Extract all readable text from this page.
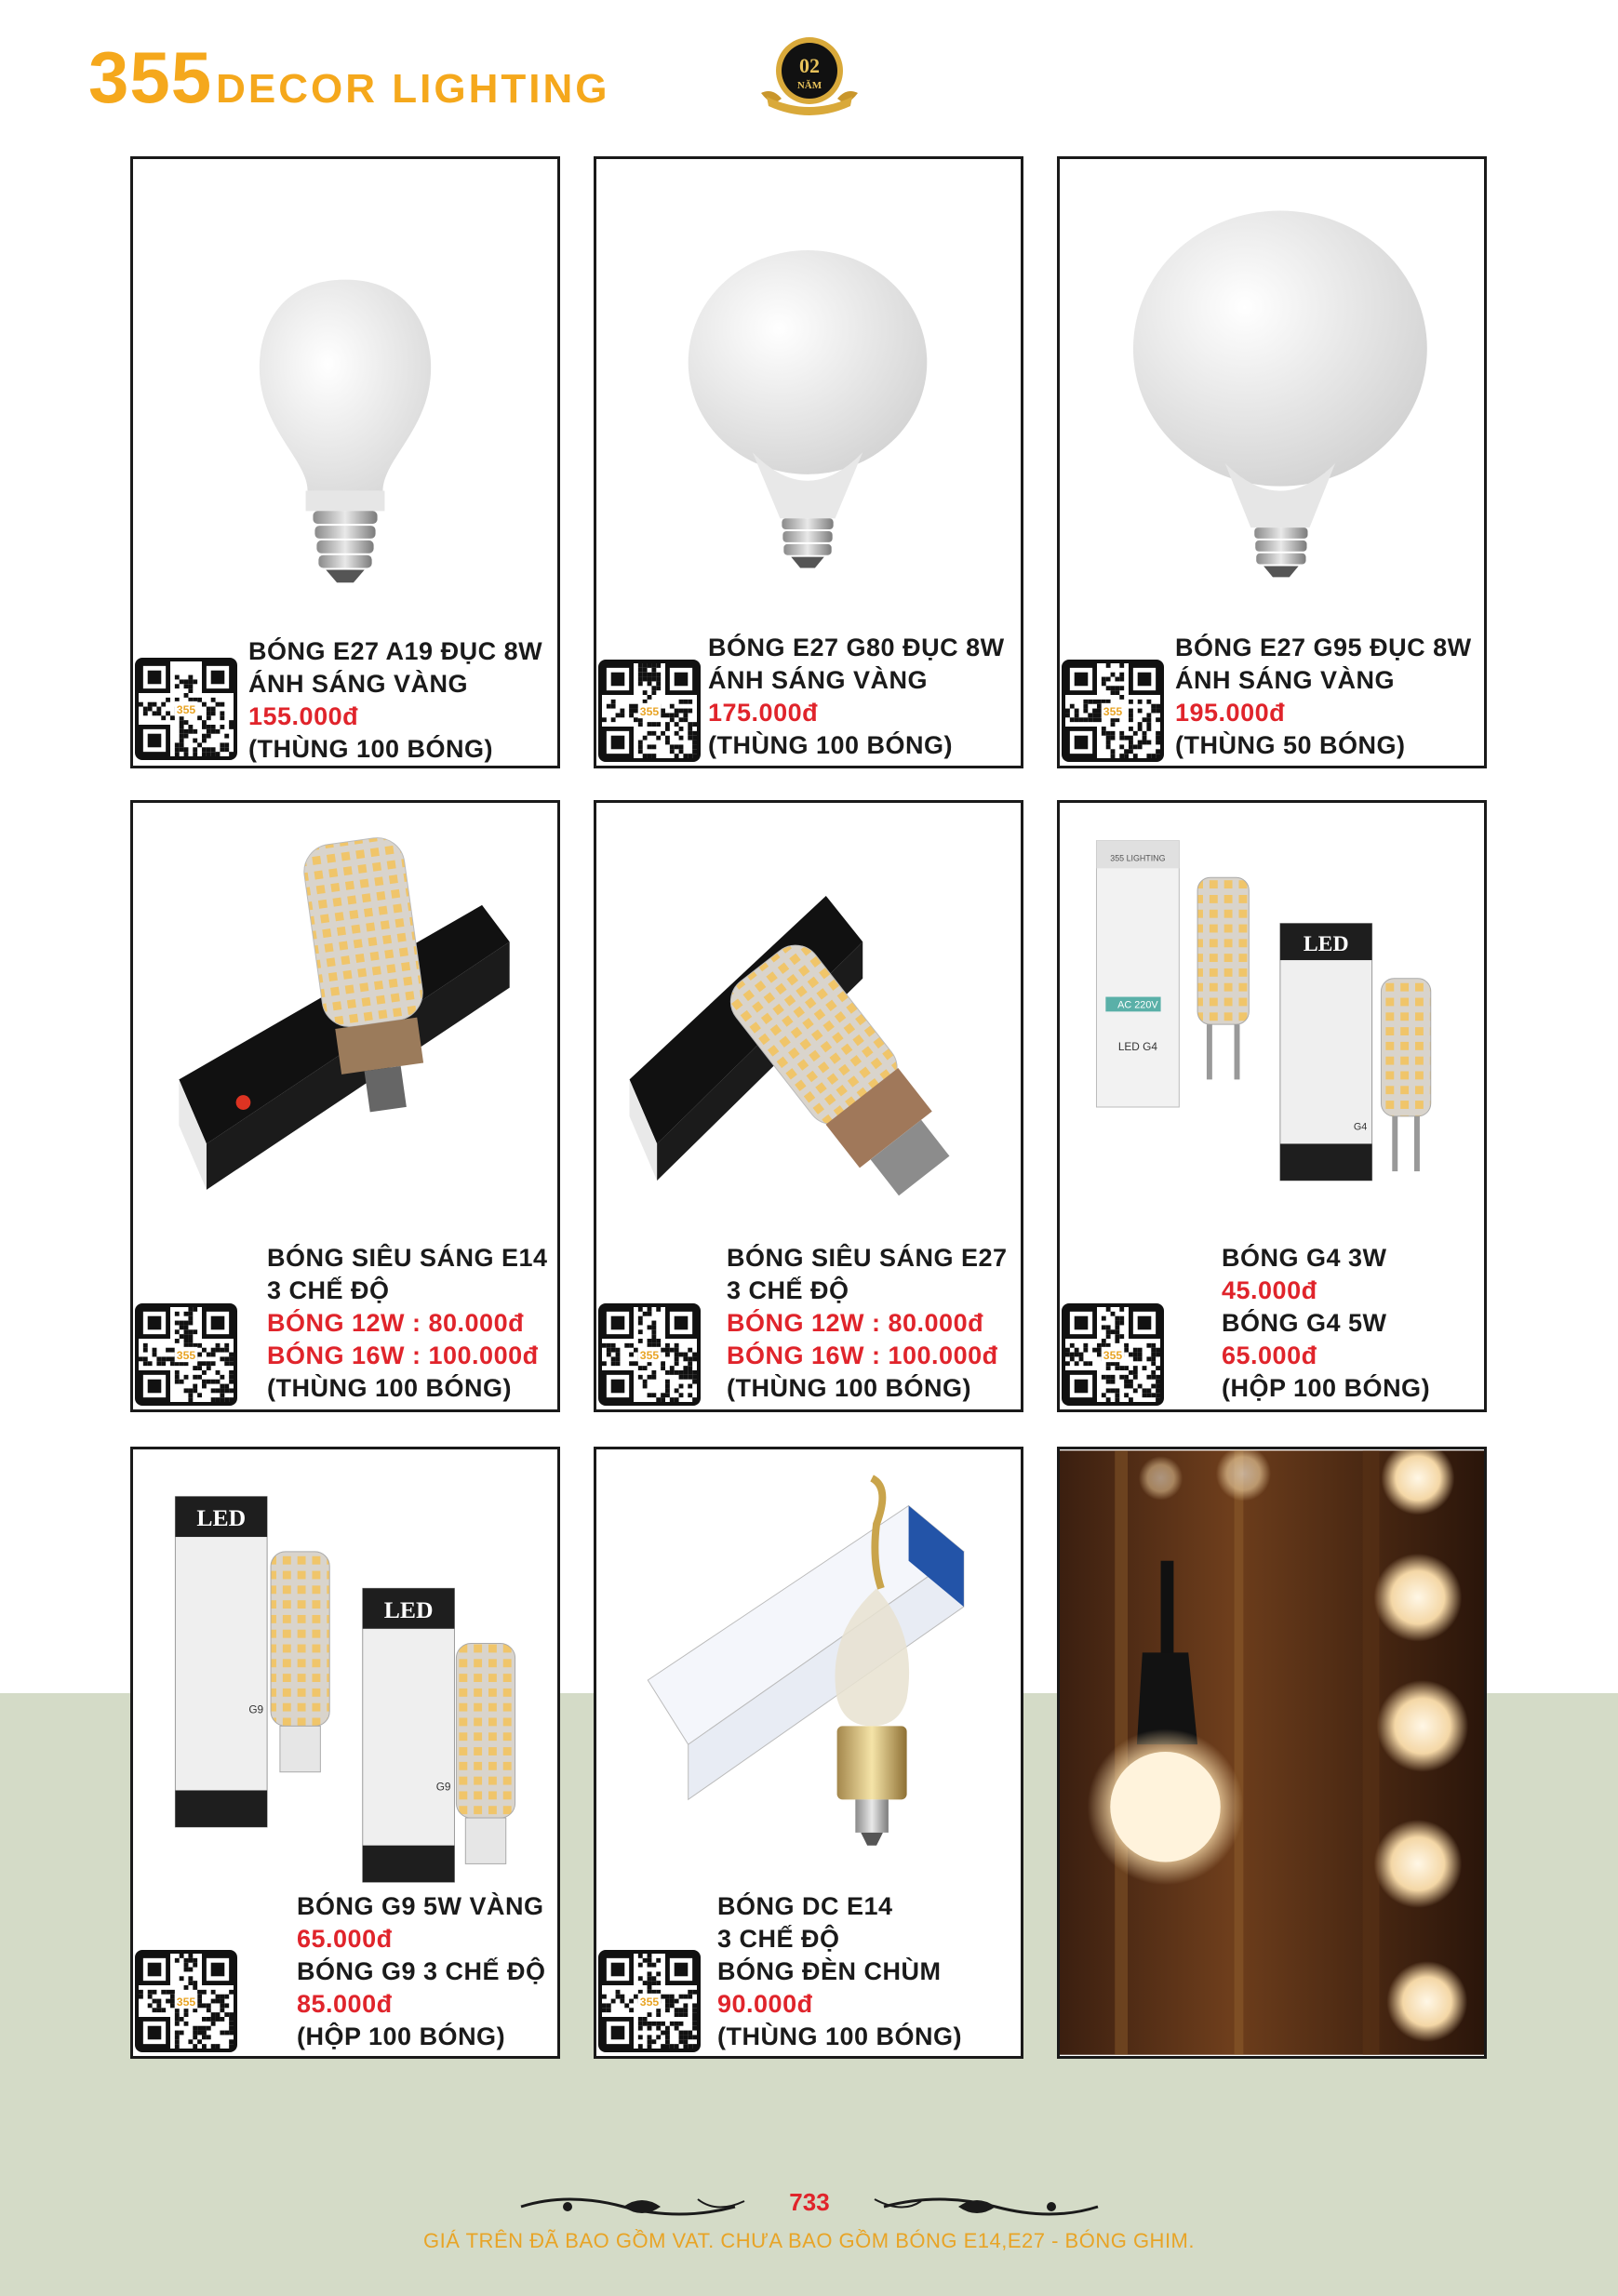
355 DECOR LIGHTING
02
NĂM
355
BÓNG E27 A19 ĐỤC 8W
ÁNH SÁNG VÀNG
155.000đ
(THÙNG 100 BÓNG)
355
BÓNG E27 G80 ĐỤC 8W
ÁNH SÁNG VÀNG
175.000đ
(THÙNG 100 BÓNG)
355
BÓNG E27 G95 ĐỤC 8W
ÁNH SÁNG VÀNG
195.000đ
(THÙNG 50 BÓNG)
355
BÓNG SIÊU SÁNG E14
3 CHẾ ĐỘ
BÓNG 12W : 80.000đ
BÓNG 16W : 100.000đ
(THÙNG 100 BÓNG)
355
BÓNG SIÊU SÁNG E27
3 CHẾ ĐỘ
BÓNG 12W : 80.000đ
BÓNG 16W : 100.000đ
(THÙNG 100 BÓNG)
AC 220V
LED G4
355 LIGHTING
LED
G4
355
BÓNG G4 3W
45.000đ
BÓNG G4 5W
65.000đ
(HỘP 100 BÓNG)
LED
G9
LED
G9
355
BÓNG G9 5W VÀNG
65.000đ
BÓNG G9 3 CHẾ ĐỘ
85.000đ
(HỘP 100 BÓNG)
355
BÓNG DC E14
3 CHẾ ĐỘ
BÓNG ĐÈN CHÙM
90.000đ
(THÙNG 100 BÓNG)
733
GIÁ TRÊN ĐÃ BAO GỒM VAT. CHƯA BAO GỒM BÓNG E14,E27 - BÓNG GHIM.
